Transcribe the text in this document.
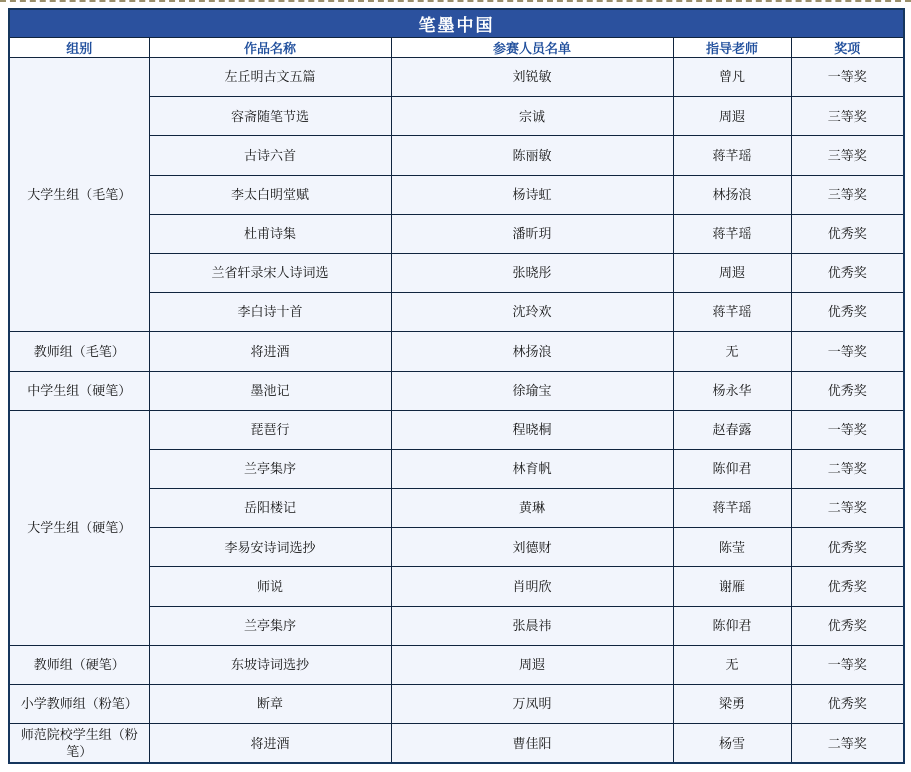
笔墨中国				
组别	作品名称	参赛人员名单	指导老师	奖项
大学生组（毛笔）	左丘明古文五篇	刘锐敏	曾凡	一等奖
	容斋随笔节选	宗诚	周遐	三等奖
	古诗六首	陈丽敏	蒋芊瑶	三等奖
	李太白明堂赋	杨诗虹	林扬浪	三等奖
	杜甫诗集	潘昕玥	蒋芊瑶	优秀奖
	兰省轩录宋人诗词选	张晓彤	周遐	优秀奖
	李白诗十首	沈玲欢	蒋芊瑶	优秀奖
教师组（毛笔）	将进酒	林扬浪	无	一等奖
中学生组（硬笔）	墨池记	徐瑜宝	杨永华	优秀奖
大学生组（硬笔）	琵琶行	程晓桐	赵春露	一等奖
	兰亭集序	林育帆	陈仰君	二等奖
	岳阳楼记	黄琳	蒋芊瑶	二等奖
	李易安诗词选抄	刘德财	陈莹	优秀奖
	师说	肖明欣	谢雁	优秀奖
	兰亭集序	张晨祎	陈仰君	优秀奖
教师组（硬笔）	东坡诗词选抄	周遐	无	一等奖
小学教师组（粉笔）	断章	万凤明	梁勇	优秀奖
师范院校学生组（粉笔）	将进酒	曹佳阳	杨雪	二等奖
